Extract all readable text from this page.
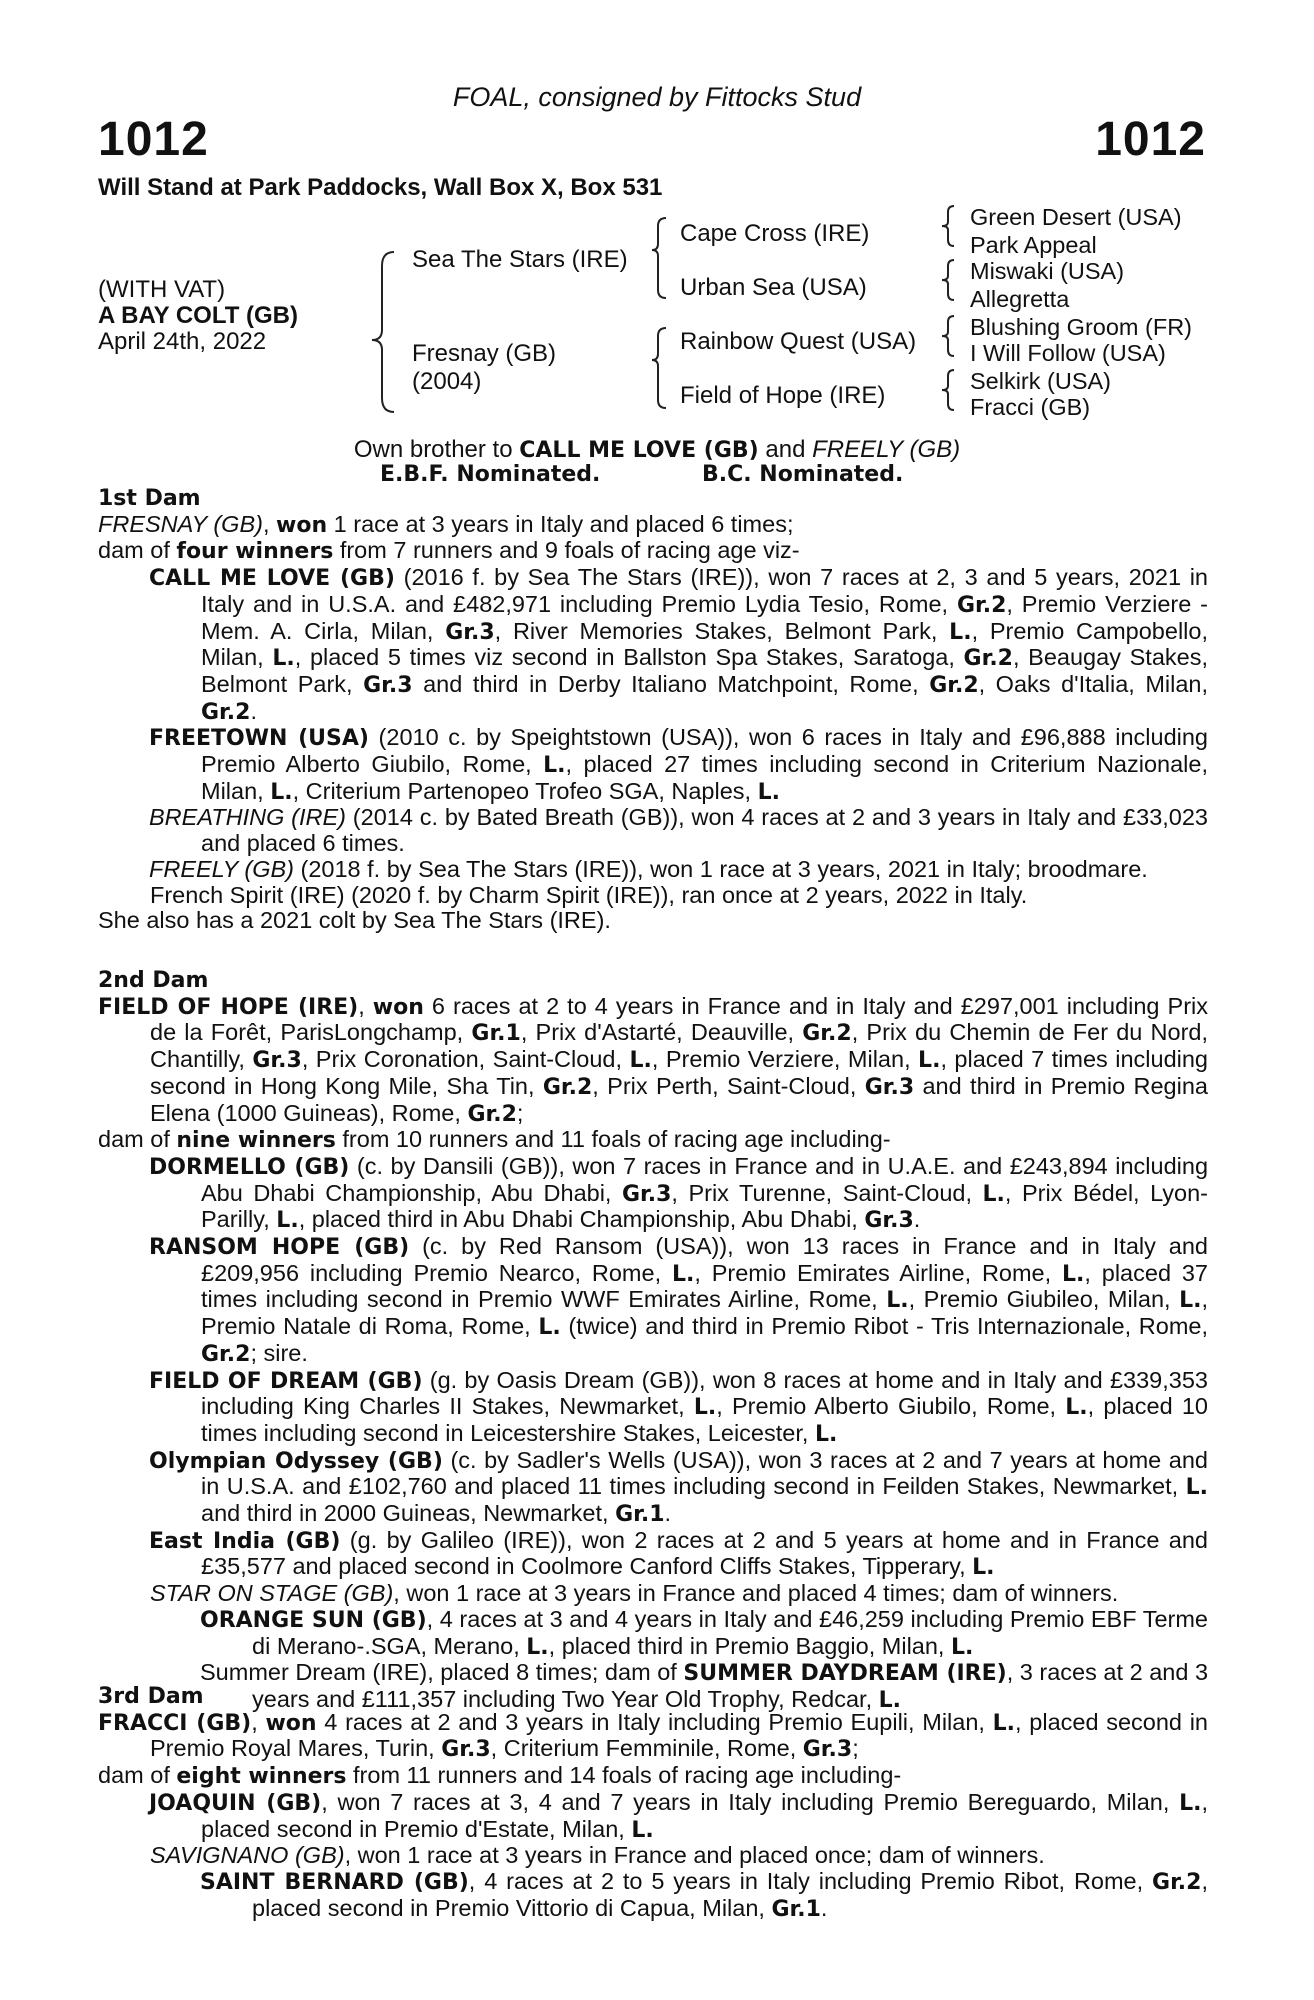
FOAL, consigned by Fittocks Stud
1012	1012
Will Stand at Park Paddocks, Wall Box X, Box 531
(WITH VAT)
A BAY COLT (GB)
April 24th, 2022
Sea The Stars (IRE)
Fresnay (GB)
(2004)
Cape Cross (IRE)
Urban Sea (USA)
Rainbow Quest (USA)
Field of Hope (IRE)
Green Desert (USA)
Park Appeal
Miswaki (USA)
Allegretta
Blushing Groom (FR)
I Will Follow (USA)
Selkirk (USA)
Fracci (GB)
Own brother to CALL ME LOVE (GB) and FREELY (GB)
E.B.F. Nominated.	B.C. Nominated.
1st Dam
FRESNAY (GB), won 1 race at 3 years in Italy and placed 6 times;
dam of four winners from 7 runners and 9 foals of racing age viz-
CALL ME LOVE (GB) (2016 f. by Sea The Stars (IRE)), won 7 races at 2, 3 and 5 years, 2021 in Italy and in U.S.A. and £482,971 including Premio Lydia Tesio, Rome, Gr.2, Premio Verziere - Mem. A. Cirla, Milan, Gr.3, River Memories Stakes, Belmont Park, L., Premio Campobello, Milan, L., placed 5 times viz second in Ballston Spa Stakes, Saratoga, Gr.2, Beaugay Stakes, Belmont Park, Gr.3 and third in Derby Italiano Matchpoint, Rome, Gr.2, Oaks d'Italia, Milan, Gr.2.
FREETOWN (USA) (2010 c. by Speightstown (USA)), won 6 races in Italy and £96,888 including Premio Alberto Giubilo, Rome, L., placed 27 times including second in Criterium Nazionale, Milan, L., Criterium Partenopeo Trofeo SGA, Naples, L.
BREATHING (IRE) (2014 c. by Bated Breath (GB)), won 4 races at 2 and 3 years in Italy and £33,023 and placed 6 times.
FREELY (GB) (2018 f. by Sea The Stars (IRE)), won 1 race at 3 years, 2021 in Italy; broodmare.
French Spirit (IRE) (2020 f. by Charm Spirit (IRE)), ran once at 2 years, 2022 in Italy.
She also has a 2021 colt by Sea The Stars (IRE).
2nd Dam
FIELD OF HOPE (IRE), won 6 races at 2 to 4 years in France and in Italy and £297,001 including Prix de la Forêt, ParisLongchamp, Gr.1, Prix d'Astarté, Deauville, Gr.2, Prix du Chemin de Fer du Nord, Chantilly, Gr.3, Prix Coronation, Saint-Cloud, L., Premio Verziere, Milan, L., placed 7 times including second in Hong Kong Mile, Sha Tin, Gr.2, Prix Perth, Saint-Cloud, Gr.3 and third in Premio Regina Elena (1000 Guineas), Rome, Gr.2;
dam of nine winners from 10 runners and 11 foals of racing age including-
DORMELLO (GB) (c. by Dansili (GB)), won 7 races in France and in U.A.E. and £243,894 including Abu Dhabi Championship, Abu Dhabi, Gr.3, Prix Turenne, Saint-Cloud, L., Prix Bédel, Lyon-Parilly, L., placed third in Abu Dhabi Championship, Abu Dhabi, Gr.3.
RANSOM HOPE (GB) (c. by Red Ransom (USA)), won 13 races in France and in Italy and £209,956 including Premio Nearco, Rome, L., Premio Emirates Airline, Rome, L., placed 37 times including second in Premio WWF Emirates Airline, Rome, L., Premio Giubileo, Milan, L., Premio Natale di Roma, Rome, L. (twice) and third in Premio Ribot - Tris Internazionale, Rome, Gr.2; sire.
FIELD OF DREAM (GB) (g. by Oasis Dream (GB)), won 8 races at home and in Italy and £339,353 including King Charles II Stakes, Newmarket, L., Premio Alberto Giubilo, Rome, L., placed 10 times including second in Leicestershire Stakes, Leicester, L.
Olympian Odyssey (GB) (c. by Sadler's Wells (USA)), won 3 races at 2 and 7 years at home and in U.S.A. and £102,760 and placed 11 times including second in Feilden Stakes, Newmarket, L. and third in 2000 Guineas, Newmarket, Gr.1.
East India (GB) (g. by Galileo (IRE)), won 2 races at 2 and 5 years at home and in France and £35,577 and placed second in Coolmore Canford Cliffs Stakes, Tipperary, L.
STAR ON STAGE (GB), won 1 race at 3 years in France and placed 4 times; dam of winners.
ORANGE SUN (GB), 4 races at 3 and 4 years in Italy and £46,259 including Premio EBF Terme di Merano-.SGA, Merano, L., placed third in Premio Baggio, Milan, L.
Summer Dream (IRE), placed 8 times; dam of SUMMER DAYDREAM (IRE), 3 races at 2 and 3 years and £111,357 including Two Year Old Trophy, Redcar, L.
3rd Dam
FRACCI (GB), won 4 races at 2 and 3 years in Italy including Premio Eupili, Milan, L., placed second in Premio Royal Mares, Turin, Gr.3, Criterium Femminile, Rome, Gr.3;
dam of eight winners from 11 runners and 14 foals of racing age including-
JOAQUIN (GB), won 7 races at 3, 4 and 7 years in Italy including Premio Bereguardo, Milan, L., placed second in Premio d'Estate, Milan, L.
SAVIGNANO (GB), won 1 race at 3 years in France and placed once; dam of winners.
SAINT BERNARD (GB), 4 races at 2 to 5 years in Italy including Premio Ribot, Rome, Gr.2, placed second in Premio Vittorio di Capua, Milan, Gr.1.
